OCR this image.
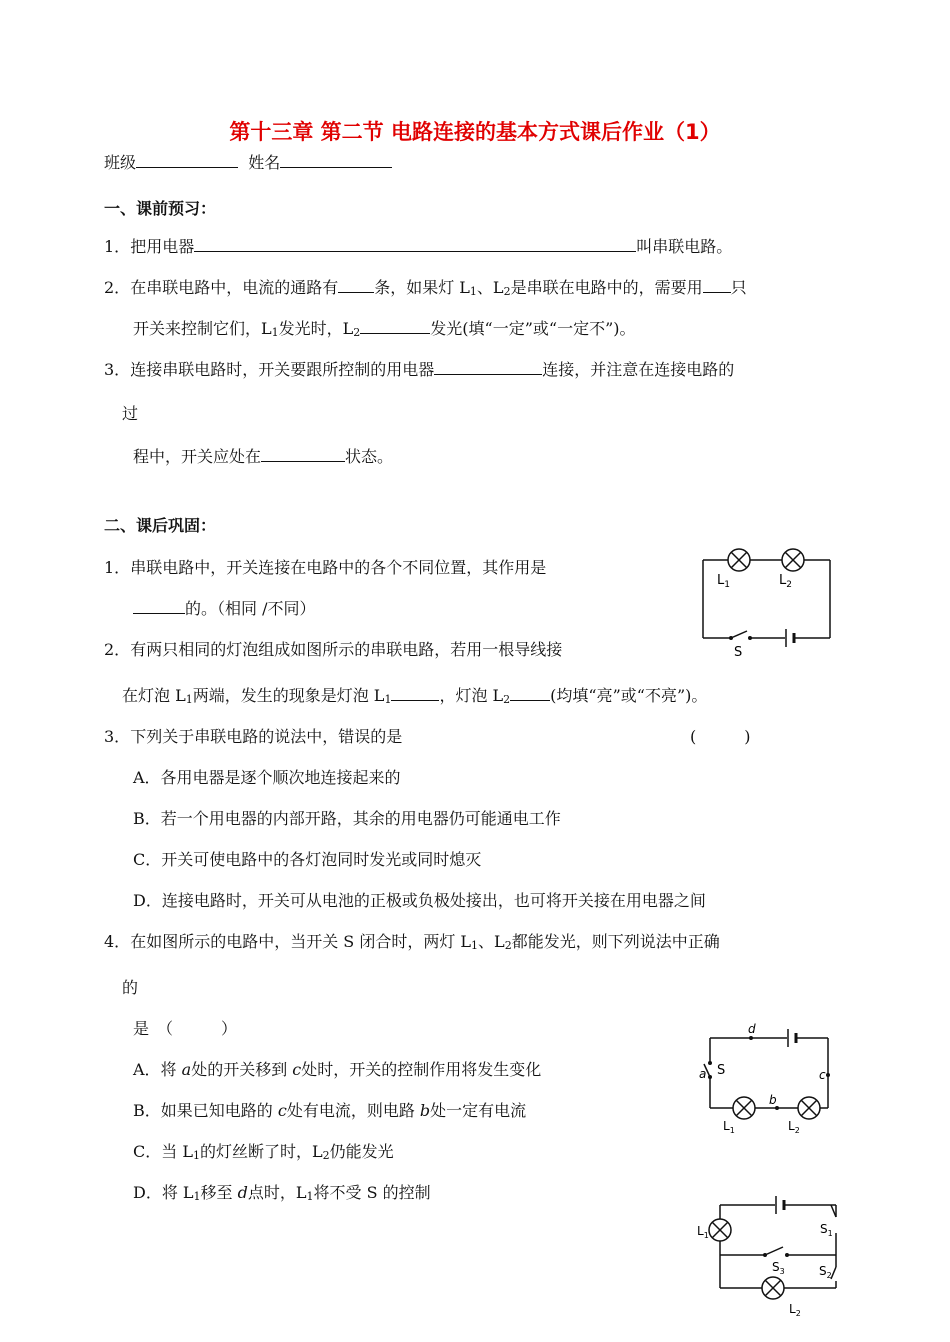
第十三章 第二节 电路连接的基本方式课后作业（1）
班级	姓名
一、课前预习：
1．把用电器	叫串联电路。
2．在串联电路中，电流的通路有 条，如果灯 L1、L2是串联在电路中的，需要用 只
开关来控制它们，L1发光时，L2	发光(填“一定”或“一定不”)。
3．连接串联电路时，开关要跟所控制的用电器	连接，并注意在连接电路的
过
程中，开关应处在	状态。
二、课后巩固：
1．串联电路中，开关连接在电路中的各个不同位置，其作用是
的。（相同 /不同）
2．有两只相同的灯泡组成如图所示的串联电路，若用一根导线接
在灯泡 L1两端，发生的现象是灯泡 L1	，灯泡 L2	(均填“亮”或“不亮”)。
3．下列关于串联电路的说法中，错误的是	(　　　)
A．各用电器是逐个顺次地连接起来的
B．若一个用电器的内部开路，其余的用电器仍可能通电工作
C．开关可使电路中的各灯泡同时发光或同时熄灭
D．连接电路时，开关可从电池的正极或负极处接出，也可将开关接在用电器之间
4．在如图所示的电路中，当开关 S 闭合时，两灯 L1、L2都能发光，则下列说法中正确
的
是　（　　　）
A．将 a处的开关移到 c处时，开关的控制作用将发生变化
B．如果已知电路的 c处有电流，则电路 b处一定有电流
C．当 L1的灯丝断了时，L2仍能发光
D．将 L1移至 d点时，L1将不受 S 的控制
$L_1$	$L_2$
S
d
a S	c
b
$L_1$	$L_2$
$L_1$	$S_1$
$S_3$	$S_2$
$L_2$
